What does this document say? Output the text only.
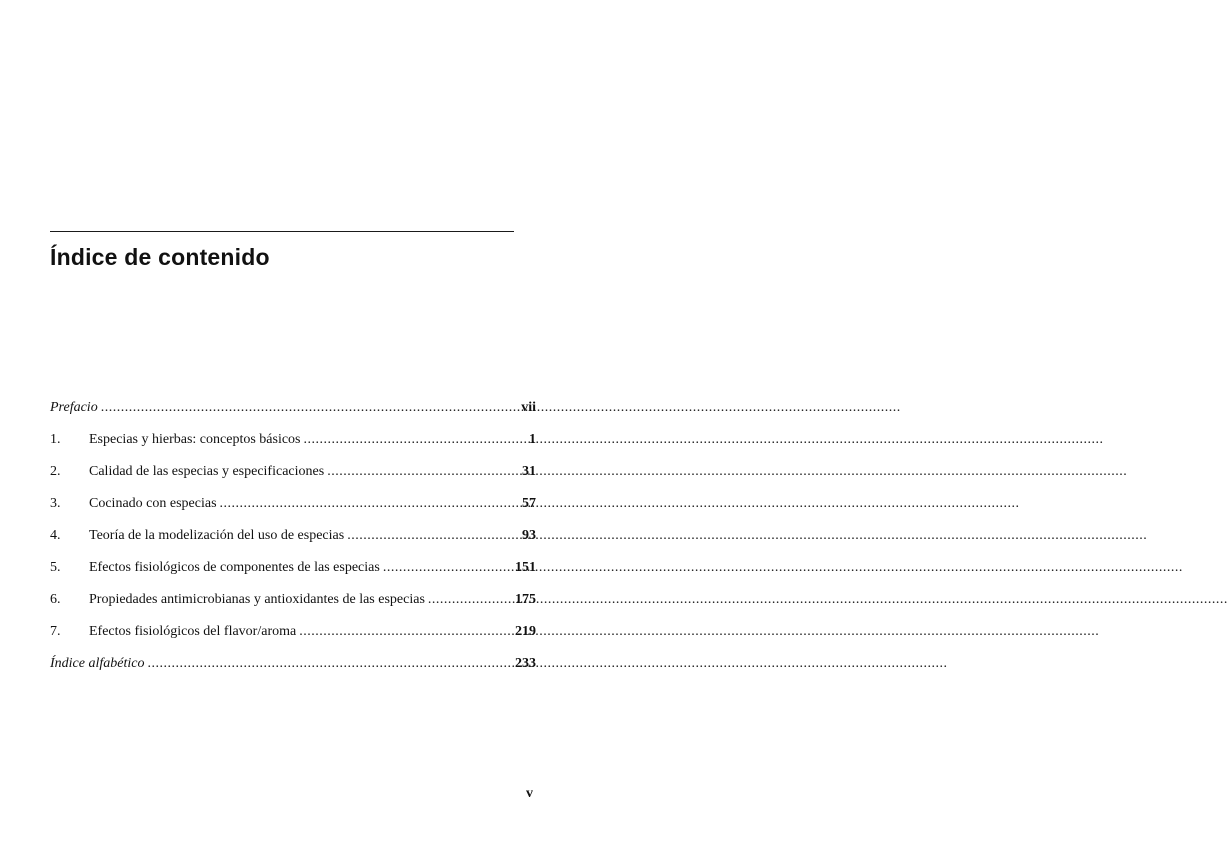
Índice de contenido
Prefacio .....	vii
1.	Especias y hierbas: conceptos básicos .....	1
2.	Calidad de las especias y especificaciones .....	31
3.	Cocinado con especias .....	57
4.	Teoría de la modelización del uso de especias .....	93
5.	Efectos fisiológicos de componentes de las especias .....	151
6.	Propiedades antimicrobianas y antioxidantes de las especias .....	175
7.	Efectos fisiológicos del flavor/aroma .....	219
Índice alfabético .....	233
v
